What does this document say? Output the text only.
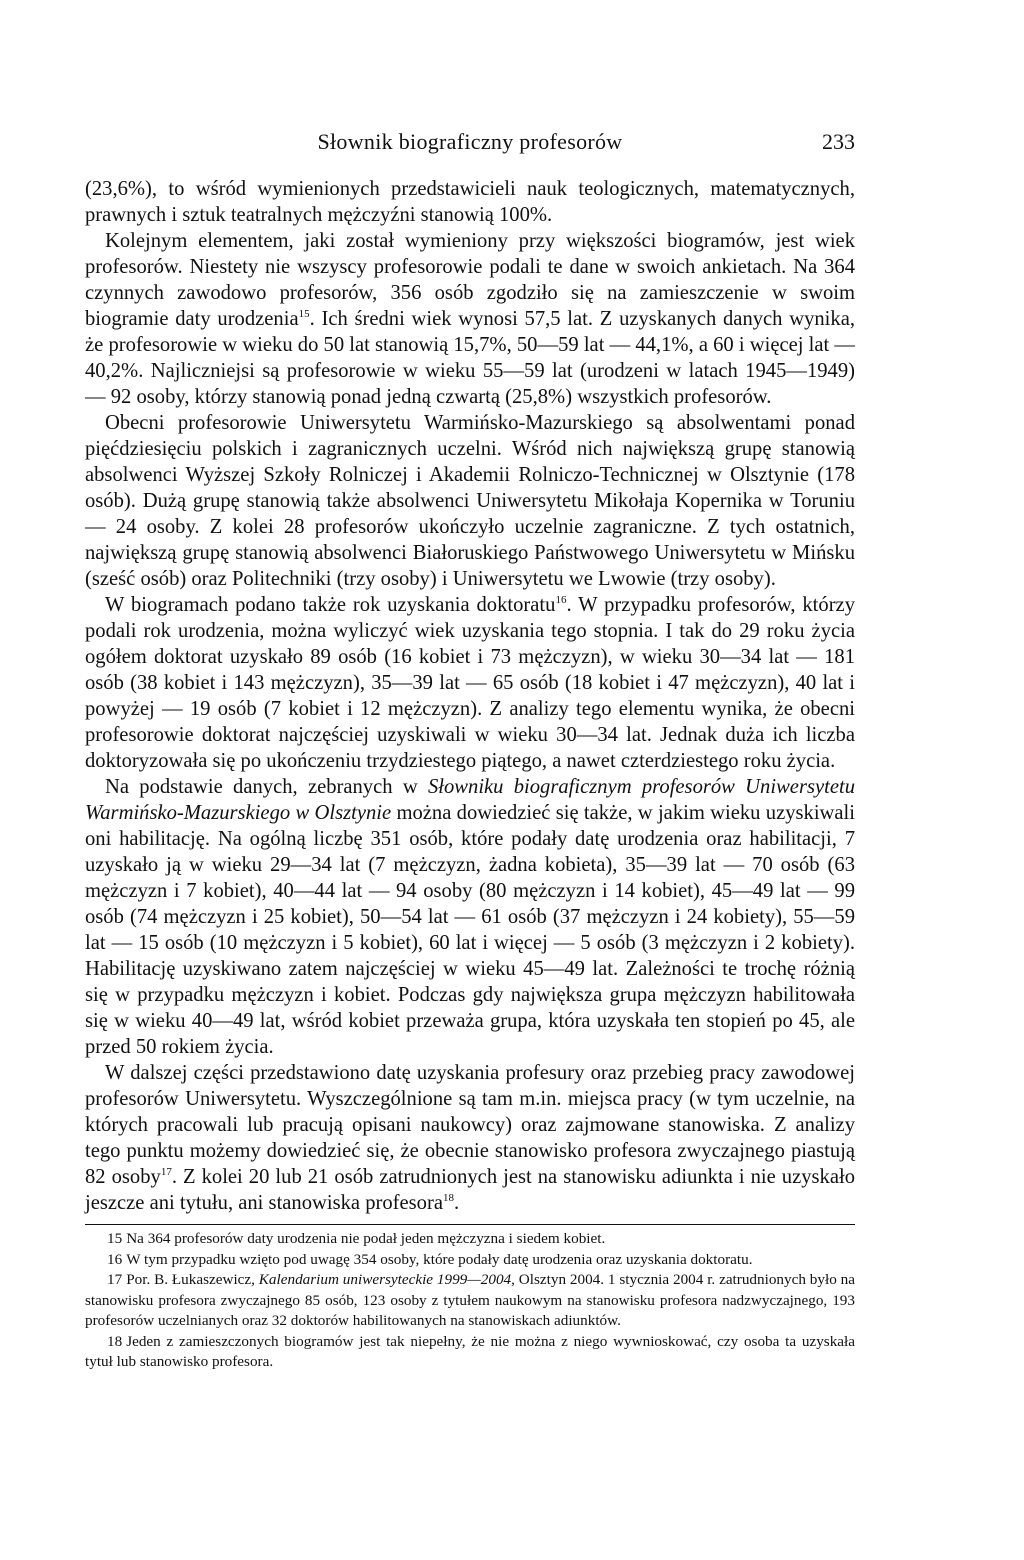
Słownik biograficzny profesorów	233

(23,6%), to wśród wymienionych przedstawicieli nauk teologicznych, matematycznych, prawnych i sztuk teatralnych mężczyźni stanowią 100%.

Kolejnym elementem, jaki został wymieniony przy większości biogramów, jest wiek profesorów. Niestety nie wszyscy profesorowie podali te dane w swoich ankietach. Na 364 czynnych zawodowo profesorów, 356 osób zgodziło się na zamieszczenie w swoim biogramie daty urodzenia$^{15}$. Ich średni wiek wynosi 57,5 lat. Z uzyskanych danych wynika, że profesorowie w wieku do 50 lat stanowią 15,7%, 50—59 lat — 44,1%, a 60 i więcej lat — 40,2%. Najliczniejsi są profesorowie w wieku 55—59 lat (urodzeni w latach 1945—1949) — 92 osoby, którzy stanowią ponad jedną czwartą (25,8%) wszystkich profesorów.

Obecni profesorowie Uniwersytetu Warmińsko-Mazurskiego są absolwentami ponad pięćdziesięciu polskich i zagranicznych uczelni. Wśród nich największą grupę stanowią absolwenci Wyższej Szkoły Rolniczej i Akademii Rolniczo-Technicznej w Olsztynie (178 osób). Dużą grupę stanowią także absolwenci Uniwersytetu Mikołaja Kopernika w Toruniu — 24 osoby. Z kolei 28 profesorów ukończyło uczelnie zagraniczne. Z tych ostatnich, największą grupę stanowią absolwenci Białoruskiego Państwowego Uniwersytetu w Mińsku (sześć osób) oraz Politechniki (trzy osoby) i Uniwersytetu we Lwowie (trzy osoby).

W biogramach podano także rok uzyskania doktoratu$^{16}$. W przypadku profesorów, którzy podali rok urodzenia, można wyliczyć wiek uzyskania tego stopnia. I tak do 29 roku życia ogółem doktorat uzyskało 89 osób (16 kobiet i 73 mężczyzn), w wieku 30—34 lat — 181 osób (38 kobiet i 143 mężczyzn), 35—39 lat — 65 osób (18 kobiet i 47 mężczyzn), 40 lat i powyżej — 19 osób (7 kobiet i 12 mężczyzn). Z analizy tego elementu wynika, że obecni profesorowie doktorat najczęściej uzyskiwali w wieku 30—34 lat. Jednak duża ich liczba doktoryzowała się po ukończeniu trzydziestego piątego, a nawet czterdziestego roku życia.

Na podstawie danych, zebranych w Słowniku biograficznym profesorów Uniwersytetu Warmińsko-Mazurskiego w Olsztynie można dowiedzieć się także, w jakim wieku uzyskiwali oni habilitację. Na ogólną liczbę 351 osób, które podały datę urodzenia oraz habilitacji, 7 uzyskało ją w wieku 29—34 lat (7 mężczyzn, żadna kobieta), 35—39 lat — 70 osób (63 mężczyzn i 7 kobiet), 40—44 lat — 94 osoby (80 mężczyzn i 14 kobiet), 45—49 lat — 99 osób (74 mężczyzn i 25 kobiet), 50—54 lat — 61 osób (37 mężczyzn i 24 kobiety), 55—59 lat — 15 osób (10 mężczyzn i 5 kobiet), 60 lat i więcej — 5 osób (3 mężczyzn i 2 kobiety). Habilitację uzyskiwano zatem najczęściej w wieku 45—49 lat. Zależności te trochę różnią się w przypadku mężczyzn i kobiet. Podczas gdy największa grupa mężczyzn habilitowała się w wieku 40—49 lat, wśród kobiet przeważa grupa, która uzyskała ten stopień po 45, ale przed 50 rokiem życia.

W dalszej części przedstawiono datę uzyskania profesury oraz przebieg pracy zawodowej profesorów Uniwersytetu. Wyszczególnione są tam m.in. miejsca pracy (w tym uczelnie, na których pracowali lub pracują opisani naukowcy) oraz zajmowane stanowiska. Z analizy tego punktu możemy dowiedzieć się, że obecnie stanowisko profesora zwyczajnego piastują 82 osoby$^{17}$. Z kolei 20 lub 21 osób zatrudnionych jest na stanowisku adiunkta i nie uzyskało jeszcze ani tytułu, ani stanowiska profesora$^{18}$.

15 Na 364 profesorów daty urodzenia nie podał jeden mężczyzna i siedem kobiet.

16 W tym przypadku wzięto pod uwagę 354 osoby, które podały datę urodzenia oraz uzyskania doktoratu.

17 Por. B. Łukaszewicz, Kalendarium uniwersyteckie 1999—2004, Olsztyn 2004. 1 stycznia 2004 r. zatrudnionych było na stanowisku profesora zwyczajnego 85 osób, 123 osoby z tytułem naukowym na stanowisku profesora nadzwyczajnego, 193 profesorów uczelnianych oraz 32 doktorów habilitowanych na stanowiskach adiunktów.

18 Jeden z zamieszczonych biogramów jest tak niepełny, że nie można z niego wywnioskować, czy osoba ta uzyskała tytuł lub stanowisko profesora.
